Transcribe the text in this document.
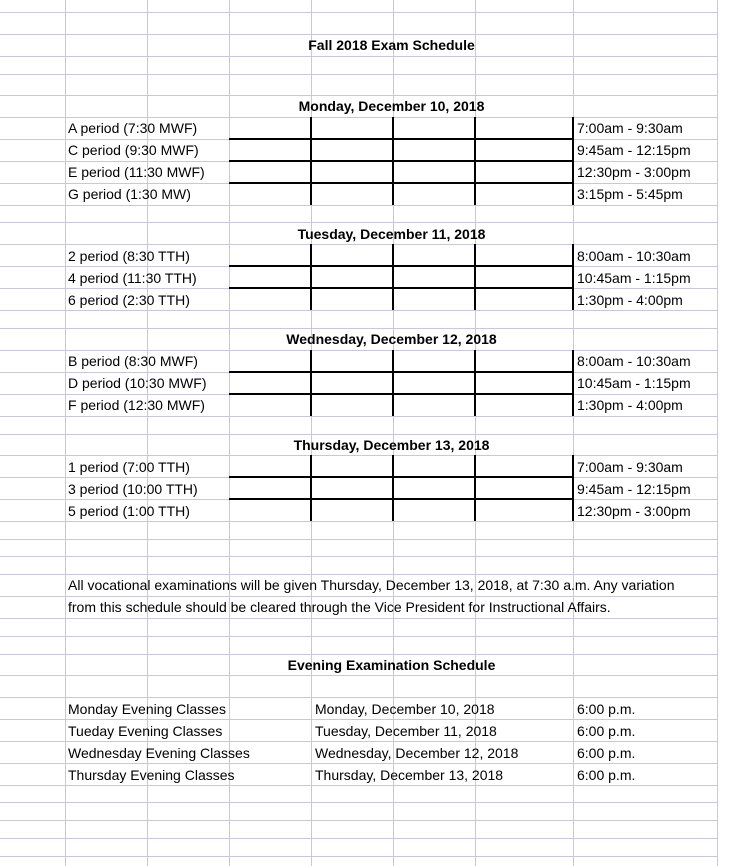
Fall 2018 Exam Schedule
Monday, December 10, 2018
A period (7:30 MWF)	7:00am - 9:30am
C period (9:30 MWF)	9:45am - 12:15pm
E period (11:30 MWF)	12:30pm - 3:00pm
G period (1:30 MW)	3:15pm - 5:45pm
Tuesday, December 11, 2018
2 period (8:30 TTH)	8:00am - 10:30am
4 period (11:30 TTH)	10:45am - 1:15pm
6 period (2:30 TTH)	1:30pm - 4:00pm
Wednesday, December 12, 2018
B period (8:30 MWF)	8:00am - 10:30am
D period (10:30 MWF)	10:45am - 1:15pm
F period (12:30 MWF)	1:30pm - 4:00pm
Thursday, December 13, 2018
1 period (7:00 TTH)	7:00am - 9:30am
3 period (10:00 TTH)	9:45am - 12:15pm
5 period (1:00 TTH)	12:30pm - 3:00pm
All vocational examinations will be given Thursday, December 13, 2018, at 7:30 a.m. Any variation
from this schedule should be cleared through the Vice President for Instructional Affairs.
Evening Examination Schedule
Monday Evening Classes	Monday, December 10, 2018	6:00 p.m.
Tueday Evening Classes	Tuesday, December 11, 2018	6:00 p.m.
Wednesday Evening Classes	Wednesday, December 12, 2018	6:00 p.m.
Thursday Evening Classes	Thursday, December 13, 2018	6:00 p.m.
